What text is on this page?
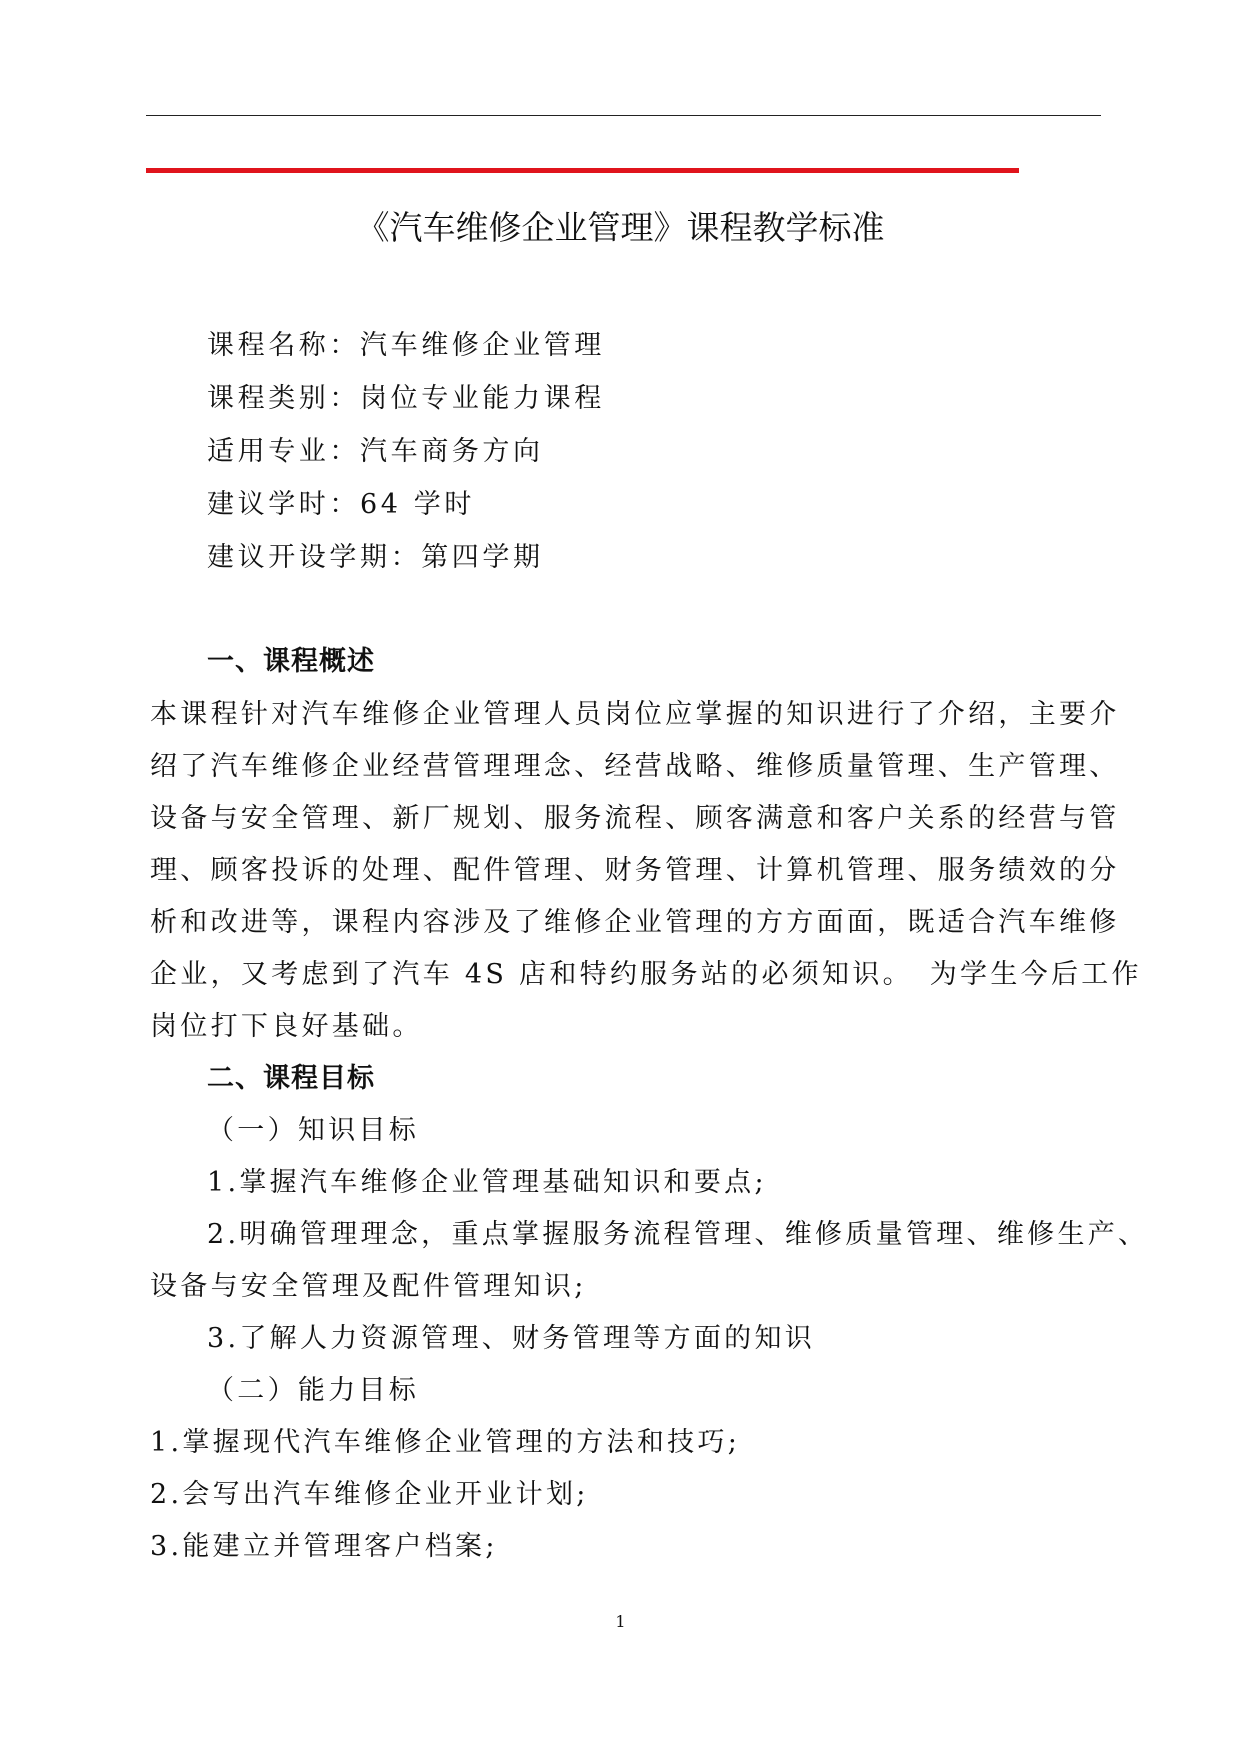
《汽车维修企业管理》课程教学标准

课程名称：汽车维修企业管理

课程类别：岗位专业能力课程

适用专业：汽车商务方向

建议学时：64 学时

建议开设学期：第四学期

一、课程概述

本课程针对汽车维修企业管理人员岗位应掌握的知识进行了介绍，主要介

绍了汽车维修企业经营管理理念、经营战略、维修质量管理、生产管理、

设备与安全管理、新厂规划、服务流程、顾客满意和客户关系的经营与管

理、顾客投诉的处理、配件管理、财务管理、计算机管理、服务绩效的分

析和改进等，课程内容涉及了维修企业管理的方方面面，既适合汽车维修

企业，又考虑到了汽车 4S 店和特约服务站的必须知识。　为学生今后工作

岗位打下良好基础。

二、课程目标

（一）知识目标

1.掌握汽车维修企业管理基础知识和要点;

2.明确管理理念，重点掌握服务流程管理、维修质量管理、维修生产、

设备与安全管理及配件管理知识;

3.了解人力资源管理、财务管理等方面的知识

（二）能力目标

1.掌握现代汽车维修企业管理的方法和技巧;

2.会写出汽车维修企业开业计划;

3.能建立并管理客户档案;

1
